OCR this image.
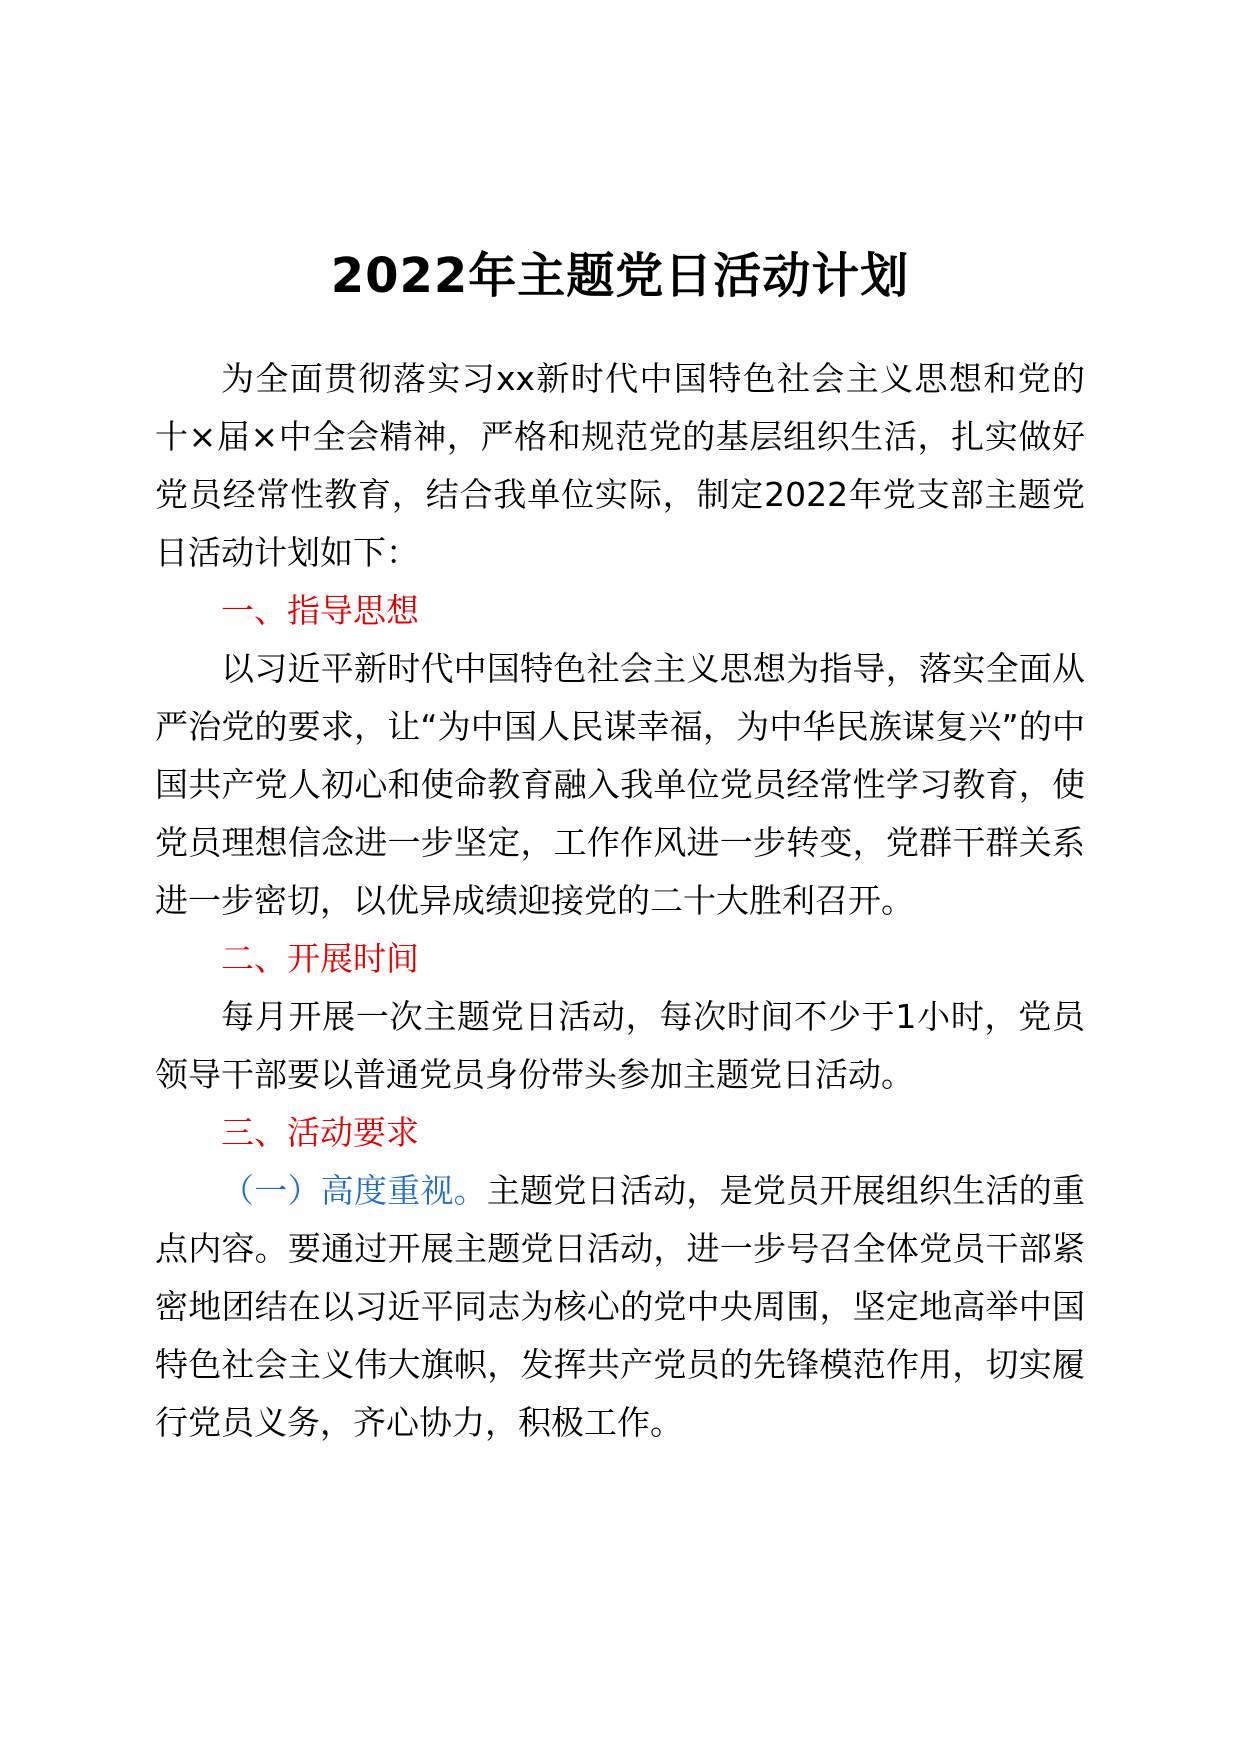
2022年主题党日活动计划

为全面贯彻落实习xx新时代中国特色社会主义思想和党的十×届×中全会精神，严格和规范党的基层组织生活，扎实做好党员经常性教育，结合我单位实际，制定2022年党支部主题党日活动计划如下：

一、指导思想

以习近平新时代中国特色社会主义思想为指导，落实全面从严治党的要求，让“为中国人民谋幸福，为中华民族谋复兴”的中国共产党人初心和使命教育融入我单位党员经常性学习教育，使党员理想信念进一步坚定，工作作风进一步转变，党群干群关系进一步密切，以优异成绩迎接党的二十大胜利召开。

二、开展时间

每月开展一次主题党日活动，每次时间不少于1小时，党员领导干部要以普通党员身份带头参加主题党日活动。

三、活动要求

（一）高度重视。主题党日活动，是党员开展组织生活的重点内容。要通过开展主题党日活动，进一步号召全体党员干部紧密地团结在以习近平同志为核心的党中央周围，坚定地高举中国特色社会主义伟大旗帜，发挥共产党员的先锋模范作用，切实履行党员义务，齐心协力，积极工作。
